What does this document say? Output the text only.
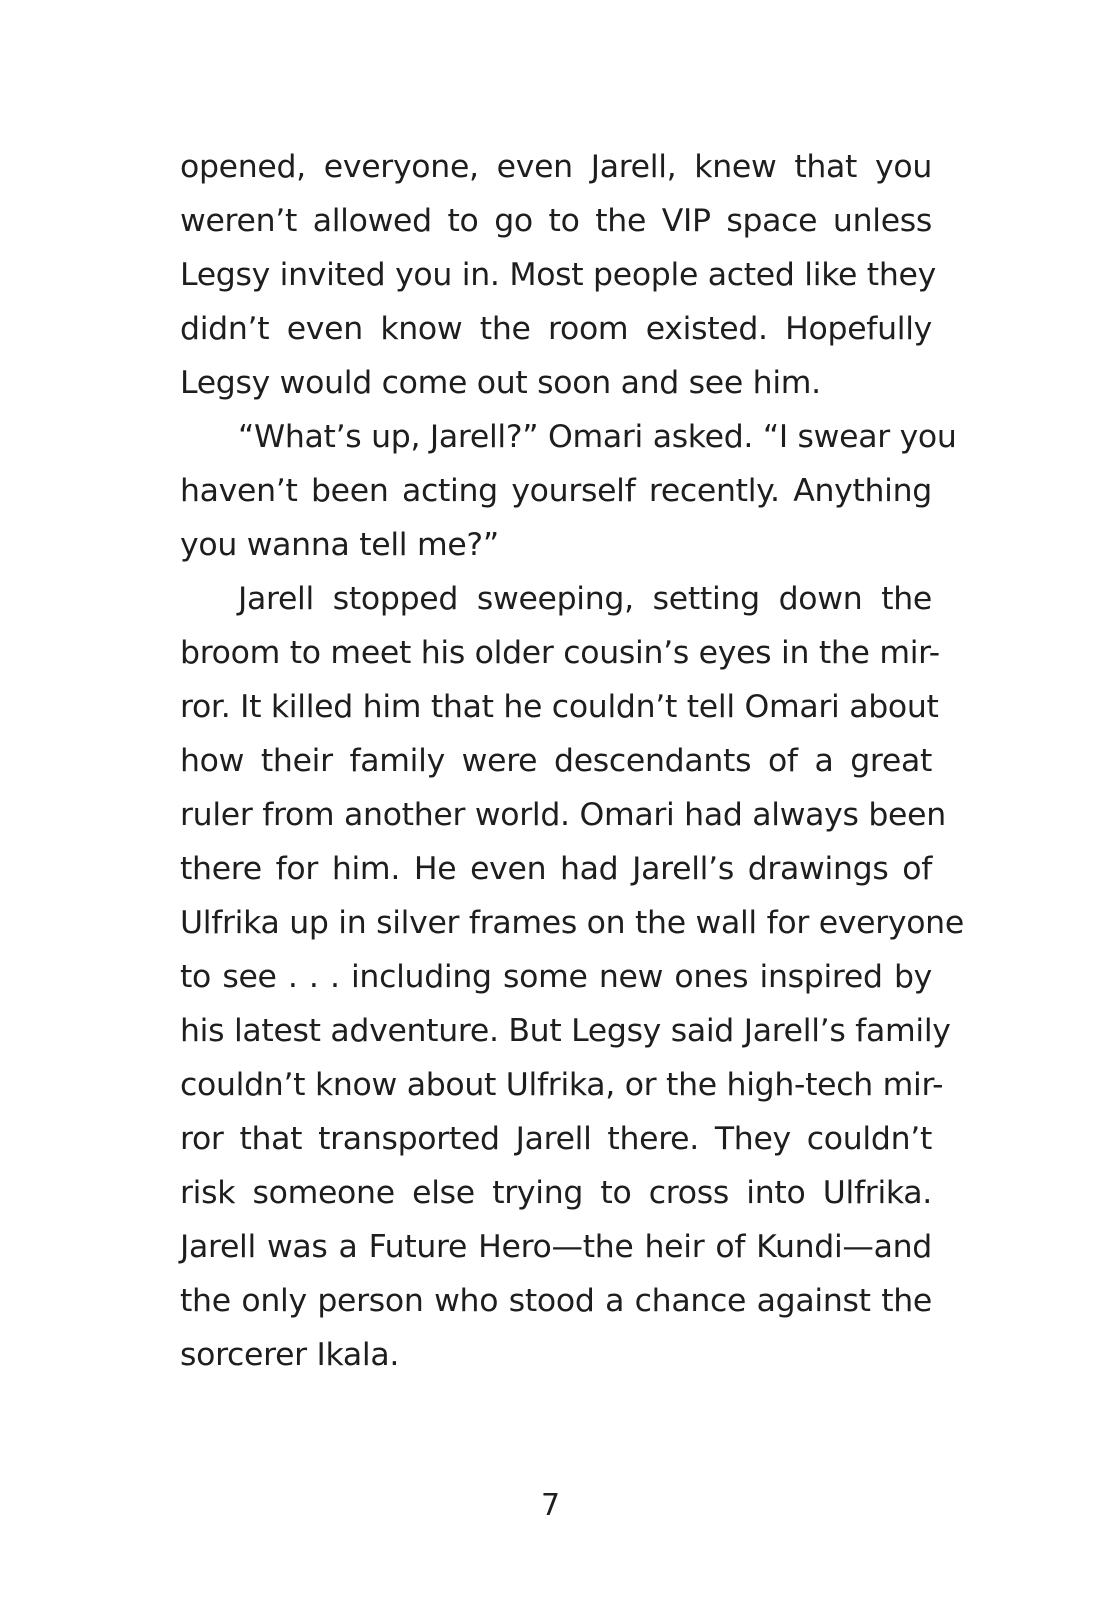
opened, everyone, even Jarell, knew that you
weren’t allowed to go to the VIP space unless
Legsy invited you in. Most people acted like they
didn’t even know the room existed. Hopefully
Legsy would come out soon and see him.
“What’s up, Jarell?” Omari asked. “I swear you
haven’t been acting yourself recently. Anything
you wanna tell me?”
Jarell stopped sweeping, setting down the
broom to meet his older cousin’s eyes in the mir-
ror. It killed him that he couldn’t tell Omari about
how their family were descendants of a great
ruler from another world. Omari had always been
there for him. He even had Jarell’s drawings of
Ulfrika up in silver frames on the wall for everyone
to see . . . including some new ones inspired by
his latest adventure. But Legsy said Jarell’s family
couldn’t know about Ulfrika, or the high-tech mir-
ror that transported Jarell there. They couldn’t
risk someone else trying to cross into Ulfrika.
Jarell was a Future Hero—the heir of Kundi—and
the only person who stood a chance against the
sorcerer Ikala.
7
